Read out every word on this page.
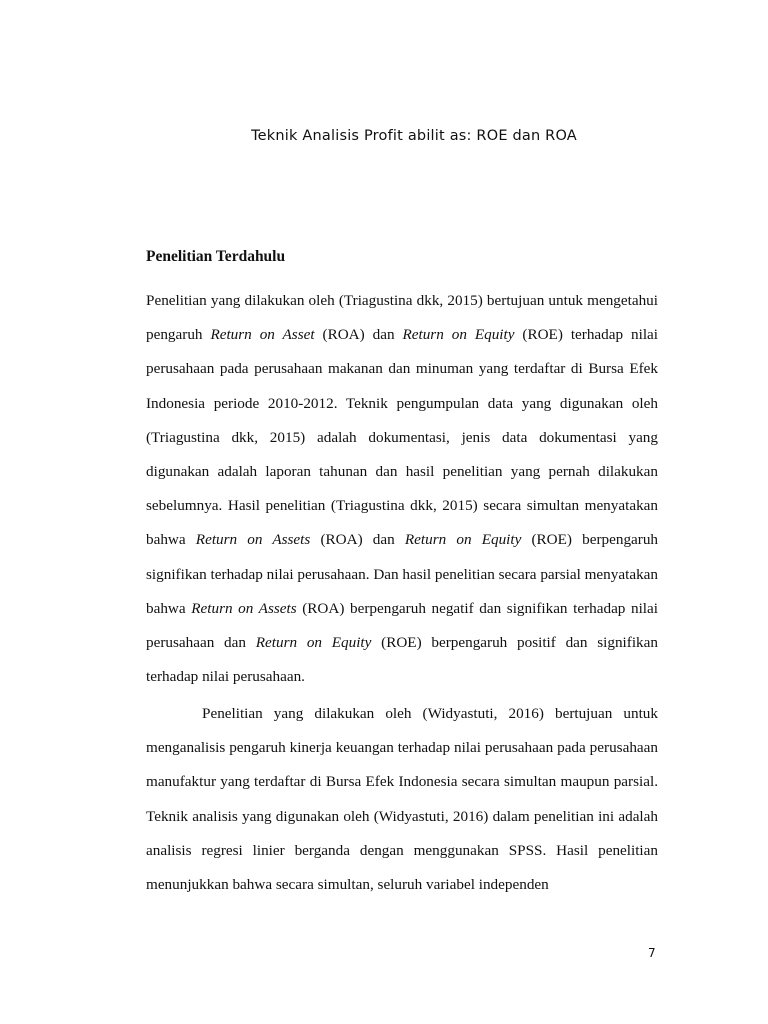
Teknik Analisis Profit abilit as: ROE dan ROA
Penelitian Terdahulu
Penelitian yang dilakukan oleh (Triagustina dkk, 2015) bertujuan untuk mengetahui pengaruh Return on Asset (ROA) dan Return on Equity (ROE) terhadap nilai perusahaan pada perusahaan makanan dan minuman yang terdaftar di Bursa Efek Indonesia periode 2010-2012. Teknik pengumpulan data yang digunakan oleh (Triagustina dkk, 2015) adalah dokumentasi, jenis data dokumentasi yang digunakan adalah laporan tahunan dan hasil penelitian yang pernah dilakukan sebelumnya. Hasil penelitian (Triagustina dkk, 2015) secara simultan menyatakan bahwa Return on Assets (ROA) dan Return on Equity (ROE) berpengaruh signifikan terhadap nilai perusahaan. Dan hasil penelitian secara parsial menyatakan bahwa Return on Assets (ROA) berpengaruh negatif dan signifikan terhadap nilai perusahaan dan Return on Equity (ROE) berpengaruh positif dan signifikan terhadap nilai perusahaan.
Penelitian yang dilakukan oleh (Widyastuti, 2016) bertujuan untuk menganalisis pengaruh kinerja keuangan terhadap nilai perusahaan pada perusahaan manufaktur yang terdaftar di Bursa Efek Indonesia secara simultan maupun parsial. Teknik analisis yang digunakan oleh (Widyastuti, 2016) dalam penelitian ini adalah analisis regresi linier berganda dengan menggunakan SPSS. Hasil penelitian menunjukkan bahwa secara simultan, seluruh variabel independen
7
